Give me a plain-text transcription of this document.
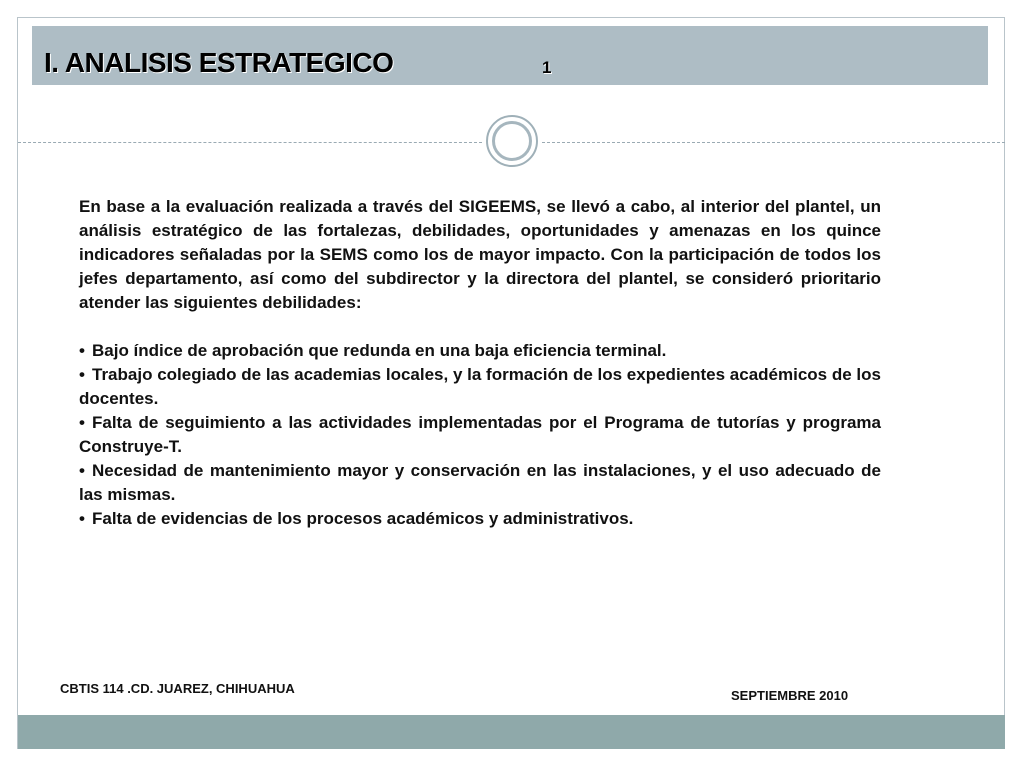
I. ANALISIS ESTRATEGICO	1

En base a la evaluación realizada a través del SIGEEMS, se llevó a cabo, al interior del plantel, un análisis estratégico de las fortalezas, debilidades, oportunidades y amenazas en los quince indicadores señaladas por la SEMS como los de mayor impacto. Con la participación de todos los jefes departamento, así como del subdirector y la directora del plantel, se consideró prioritario atender las siguientes debilidades:

• Bajo índice de aprobación que redunda en una baja eficiencia terminal.
• Trabajo colegiado de las academias locales, y la formación de los expedientes académicos de los docentes.
• Falta de seguimiento a las actividades implementadas por el Programa de tutorías y programa Construye-T.
• Necesidad de mantenimiento mayor y conservación en las instalaciones, y el uso adecuado de las mismas.
• Falta de evidencias de los procesos académicos y administrativos.
CBTIS 114 .CD. JUAREZ, CHIHUAHUA	SEPTIEMBRE 2010
